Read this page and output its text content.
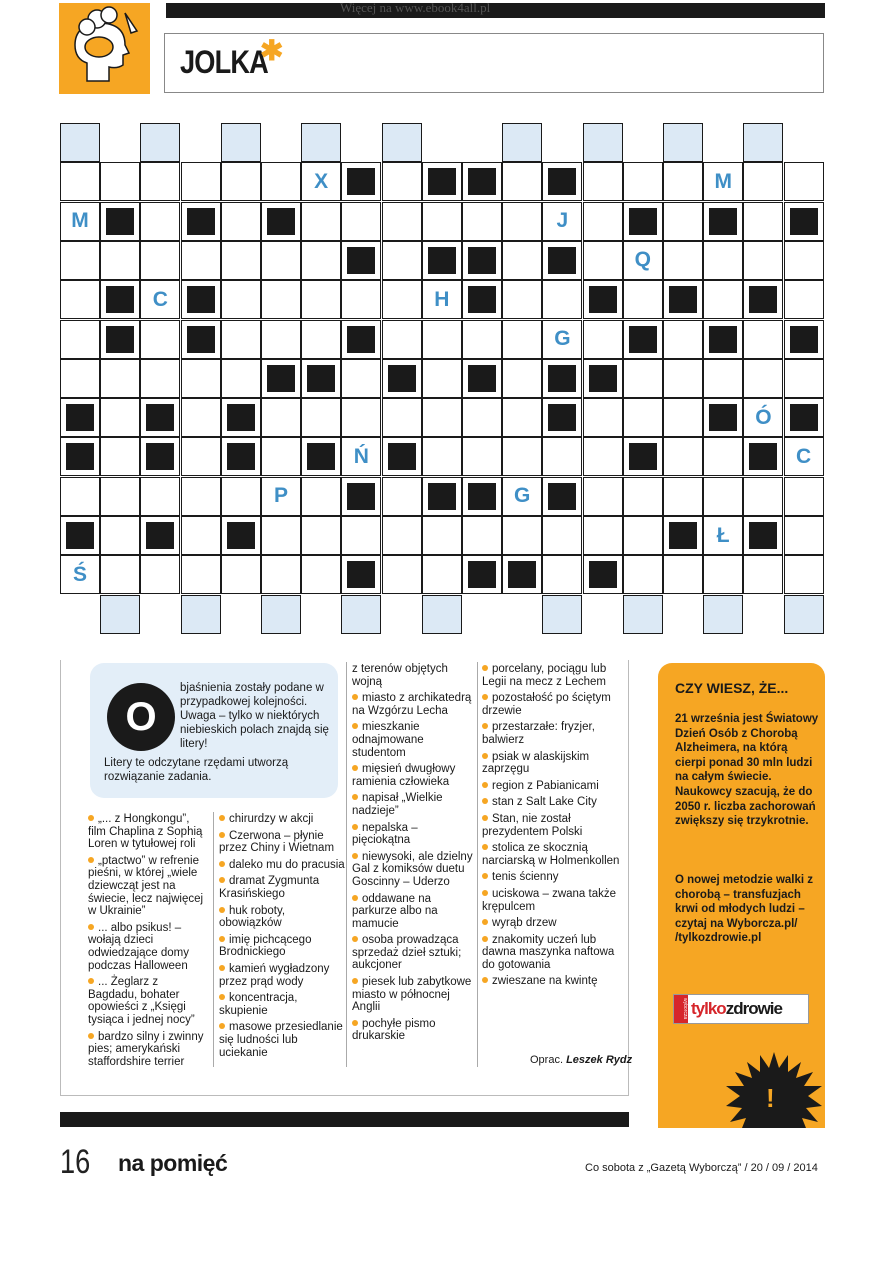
Więcej na www.ebook4all.pl
JOLKA
✱
X	M
M	J
Q
C	H
G
Ó
Ń	C
P	G
Ł
Ś
O
bjaśnienia zostały podane w przypadkowej kolejności. Uwaga – tylko w niektórych niebieskich polach znajdą się litery!
Litery te odczytane rzędami utworzą rozwiązanie zadania.
„... z Hongkongu”, film Chaplina z Sophią Loren w tytułowej roli
„ptactwo” w refrenie pieśni, w której „wiele dziewcząt jest na świecie, lecz najwięcej w Ukrainie”
... albo psikus! – wołają dzieci odwiedzające domy podczas Halloween
... Żeglarz z Bagdadu, bohater opowieści z „Księgi tysiąca i jednej nocy”
bardzo silny i zwinny pies; amerykański staffordshire terrier
chirurdzy w akcji
Czerwona – płynie przez Chiny i Wietnam
daleko mu do pracusia
dramat Zygmunta Krasińskiego
huk roboty, obowiązków
imię pichcącego Brodnickiego
kamień wygładzony przez prąd wody
koncentracja, skupienie
masowe przesiedlanie się ludności lub uciekanie
z terenów objętych wojną
miasto z archikatedrą na Wzgórzu Lecha
mieszkanie odnajmowane studentom
mięsień dwugłowy ramienia człowieka
napisał „Wielkie nadzieje”
nepalska – pięciokątna
niewysoki, ale dzielny Gal z komiksów duetu Goscinny – Uderzo
oddawane na parkurze albo na mamucie
osoba prowadząca sprzedaż dzieł sztuki; aukcjoner
piesek lub zabytkowe miasto w północnej Anglii
pochyłe pismo drukarskie
porcelany, pociągu lub Legii na mecz z Lechem
pozostałość po ściętym drzewie
przestarzałe: fryzjer, balwierz
psiak w alaskijskim zaprzęgu
region z Pabianicami
stan z Salt Lake City
Stan, nie został prezydentem Polski
stolica ze skocznią narciarską w Holmenkollen
tenis ścienny
uciskowa – zwana także krępulcem
wyrąb drzew
znakomity uczeń lub dawna maszynka naftowa do gotowania
zwieszane na kwintę
Oprac. Leszek Rydz
CZY WIESZ, ŻE...
21 września jest Światowy Dzień Osób z Chorobą Alzheimera, na którą cierpi ponad 30 mln ludzi na całym świecie. Naukowcy szacują, że do 2050 r. liczba zachorowań zwiększy się trzykrotnie.
O nowej metodzie walki z chorobą – transfuzjach krwi od młodych ludzi – czytaj na Wyborcza.pl/ /tylkozdrowie.pl
wyborcza tylko zdrowie
!
16 na pomięć	Co sobota z „Gazetą Wyborczą” / 20 / 09 / 2014
